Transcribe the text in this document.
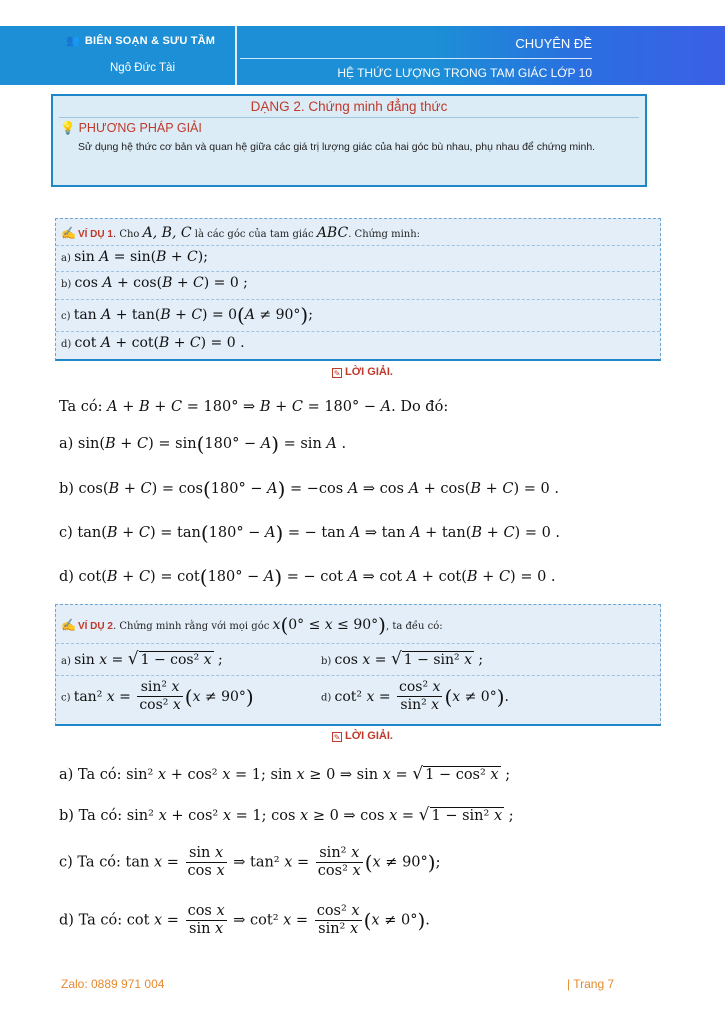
👥 BIÊN SOẠN & SƯU TẦM
Ngô Đức Tài
CHUYÊN ĐỀ
HỆ THỨC LƯỢNG TRONG TAM GIÁC LỚP 10
DẠNG 2. Chứng minh đẳng thức
💡 PHƯƠNG PHÁP GIẢI
Sử dụng hệ thức cơ bản và quan hệ giữa các giá trị lượng giác của hai góc bù nhau, phụ nhau để chứng minh.
✍ VÍ DỤ 1. Cho A, B, C là các góc của tam giác ABC. Chứng minh:
a) sin A = sin(B + C);
b) cos A + cos(B + C) = 0 ;
c) tan A + tan(B + C) = 0(A ≠ 90°);
d) cot A + cot(B + C) = 0 .
✎ LỜI GIẢI.
Ta có: A + B + C = 180° ⇒ B + C = 180° − A. Do đó:
a) sin(B + C) = sin(180° − A) = sin A .
b) cos(B + C) = cos(180° − A) = −cos A ⇒ cos A + cos(B + C) = 0 .
c) tan(B + C) = tan(180° − A) = − tan A ⇒ tan A + tan(B + C) = 0 .
d) cot(B + C) = cot(180° − A) = − cot A ⇒ cot A + cot(B + C) = 0 .
✍ VÍ DỤ 2. Chứng minh rằng với mọi góc x(0° ≤ x ≤ 90°), ta đều có:
a) sin x = √ 1 − cos² x ;	b) cos x = √ 1 − sin² x ;
c) tan² $x = \frac{\text{sin² x}}{\text{cos² x}} (x \ne 90^\circ)$	d) cot² $x = \frac{\text{cos² x}}{\text{sin² x}} (x \ne 0^\circ)$.
✎ LỜI GIẢI.
a) Ta có: sin² x + cos² x = 1; sin x ≥ 0 ⇒ sin x = √ 1 − cos² x ;
b) Ta có: sin² x + cos² x = 1; cos x ≥ 0 ⇒ cos x = √ 1 − sin² x ;
c) Ta có: $\tan x = \frac{\text{sin x}}{\text{cos x}}$ ⇒ tan² $x = \frac{\text{sin² x}}{\text{cos² x}} (x \ne 90^\circ)$;
d) Ta có: $\cot x = \frac{\text{cos x}}{\text{sin x}}$ ⇒ cot² $x = \frac{\text{cos² x}}{\text{sin² x}} (x \ne 0^\circ)$.
Zalo: 0889 971 004	| Trang 7
